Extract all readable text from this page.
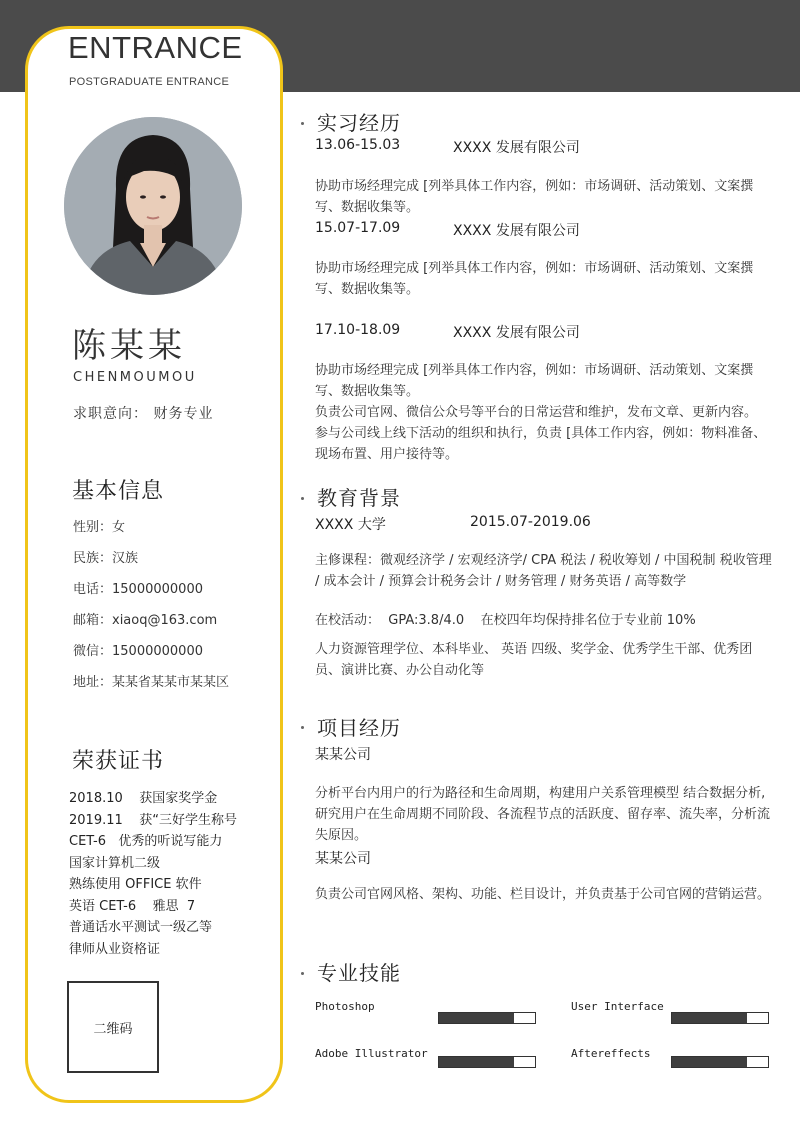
ENTRANCE
POSTGRADUATE ENTRANCE
陈某某
CHENMOUMOU
求职意向： 财务专业
基本信息
性别：女
民族：汉族
电话：15000000000
邮箱：xiaoq@163.com
微信：15000000000
地址：某某省某某市某某区
荣获证书
2018.10    获国家奖学金
2019.11    获“三好学生称号
CET-6   优秀的听说写能力
国家计算机二级
熟练使用 OFFICE 软件
英语 CET-6    雅思  7
普通话水平测试一级乙等
律师从业资格证
二维码
实习经历
13.06-15.03	XXXX 发展有限公司
协助市场经理完成 [列举具体工作内容，例如：市场调研、活动策划、文案撰写、数据收集等。
15.07-17.09	XXXX 发展有限公司
协助市场经理完成 [列举具体工作内容，例如：市场调研、活动策划、文案撰写、数据收集等。
17.10-18.09	XXXX 发展有限公司
协助市场经理完成 [列举具体工作内容，例如：市场调研、活动策划、文案撰写、数据收集等。
负责公司官网、微信公众号等平台的日常运营和维护，发布文章、更新内容。
参与公司线上线下活动的组织和执行，负责 [具体工作内容，例如：物料准备、现场布置、用户接待等。
教育背景
XXXX 大学	2015.07-2019.06
主修课程：微观经济学 / 宏观经济学/ CPA 税法 / 税收筹划 / 中国税制 税收管理 / 成本会计 / 预算会计税务会计 / 财务管理 / 财务英语 / 高等数学
在校活动：  GPA:3.8/4.0    在校四年均保持排名位于专业前 10%
人力资源管理学位、本科毕业、 英语 四级、奖学金、优秀学生干部、优秀团员、演讲比赛、办公自动化等
项目经历
某某公司
分析平台内用户的行为路径和生命周期，构建用户关系管理模型 结合数据分析,研究用户在生命周期不同阶段、各流程节点的活跃度、留存率、流失率，分析流失原因。
某某公司
负责公司官网风格、架构、功能、栏目设计，并负责基于公司官网的营销运营。
专业技能
Photoshop	User Interface
Adobe Illustrator	Aftereffects
